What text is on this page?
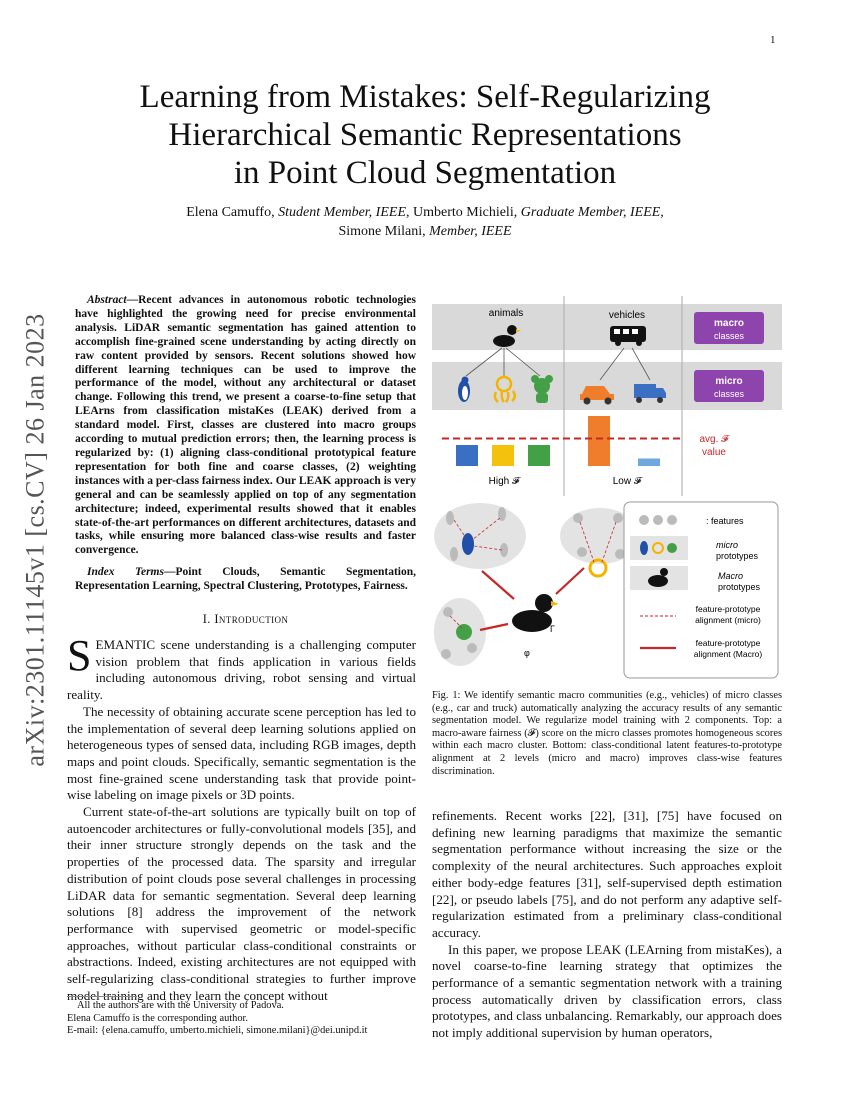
1
arXiv:2301.11145v1 [cs.CV] 26 Jan 2023
Learning from Mistakes: Self-Regularizing
Hierarchical Semantic Representations
in Point Cloud Segmentation
Elena Camuffo, Student Member, IEEE, Umberto Michieli, Graduate Member, IEEE,
Simone Milani, Member, IEEE
Abstract—Recent advances in autonomous robotic technologies have highlighted the growing need for precise environmental analysis. LiDAR semantic segmentation has gained attention to accomplish fine-grained scene understanding by acting directly on raw content provided by sensors. Recent solutions showed how different learning techniques can be used to improve the performance of the model, without any architectural or dataset change. Following this trend, we present a coarse-to-fine setup that LEArns from classification mistaKes (LEAK) derived from a standard model. First, classes are clustered into macro groups according to mutual prediction errors; then, the learning process is regularized by: (1) aligning class-conditional prototypical feature representation for both fine and coarse classes, (2) weighting instances with a per-class fairness index. Our LEAK approach is very general and can be seamlessly applied on top of any segmentation architecture; indeed, experimental results showed that it enables state-of-the-art performances on different architectures, datasets and tasks, while ensuring more balanced class-wise results and faster convergence.
Index Terms—Point Clouds, Semantic Segmentation, Representation Learning, Spectral Clustering, Prototypes, Fairness.
I. Introduction

SEMANTIC scene understanding is a challenging computer vision problem that finds application in various fields including autonomous driving, robot sensing and virtual reality.

The necessity of obtaining accurate scene perception has led to the implementation of several deep learning solutions applied on heterogeneous types of sensed data, including RGB images, depth maps and point clouds. Specifically, semantic segmentation is the most fine-grained scene understanding task that provide point-wise labeling on image pixels or 3D points.

Current state-of-the-art solutions are typically built on top of autoencoder architectures or fully-convolutional models [35], and their inner structure strongly depends on the task and the properties of the processed data. The sparsity and irregular distribution of point clouds pose several challenges in processing LiDAR data for semantic segmentation. Several deep learning solutions [8] address the improvement of the network performance with supervised geometric or model-specific approaches, without particular class-conditional constraints or abstractions. Indeed, existing architectures are not equipped with self-regularizing class-conditional strategies to further improve model training and they learn the concept without

All the authors are with the University of Padova.
Elena Camuffo is the corresponding author.
E-mail: {elena.camuffo, umberto.michieli, simone.milani}@dei.unipd.it
animals	vehicles
macro
classes
micro
classes
avg. 𝓕
value
High 𝓕	Low 𝓕
Γ
φ
: features
micro
prototypes
Macro
prototypes
feature-prototype
alignment (micro)
feature-prototype
alignment (Macro)
Fig. 1: We identify semantic macro communities (e.g., vehicles) of micro classes (e.g., car and truck) automatically analyzing the accuracy results of any semantic segmentation model. We regularize model training with 2 components. Top: a macro-aware fairness (𝓕) score on the micro classes promotes homogeneous scores within each macro cluster. Bottom: class-conditional latent features-to-prototype alignment at 2 levels (micro and macro) improves class-wise features discrimination.

refinements. Recent works [22], [31], [75] have focused on defining new learning paradigms that maximize the semantic segmentation performance without increasing the size or the complexity of the neural architectures. Such approaches exploit either body-edge features [31], self-supervised depth estimation [22], or pseudo labels [75], and do not perform any adaptive self-regularization estimated from a preliminary class-conditional accuracy.

In this paper, we propose LEAK (LEArning from mistaKes), a novel coarse-to-fine learning strategy that optimizes the performance of a semantic segmentation network with a training process automatically driven by classification errors, class prototypes, and class unbalancing. Remarkably, our approach does not imply additional supervision by human operators,
